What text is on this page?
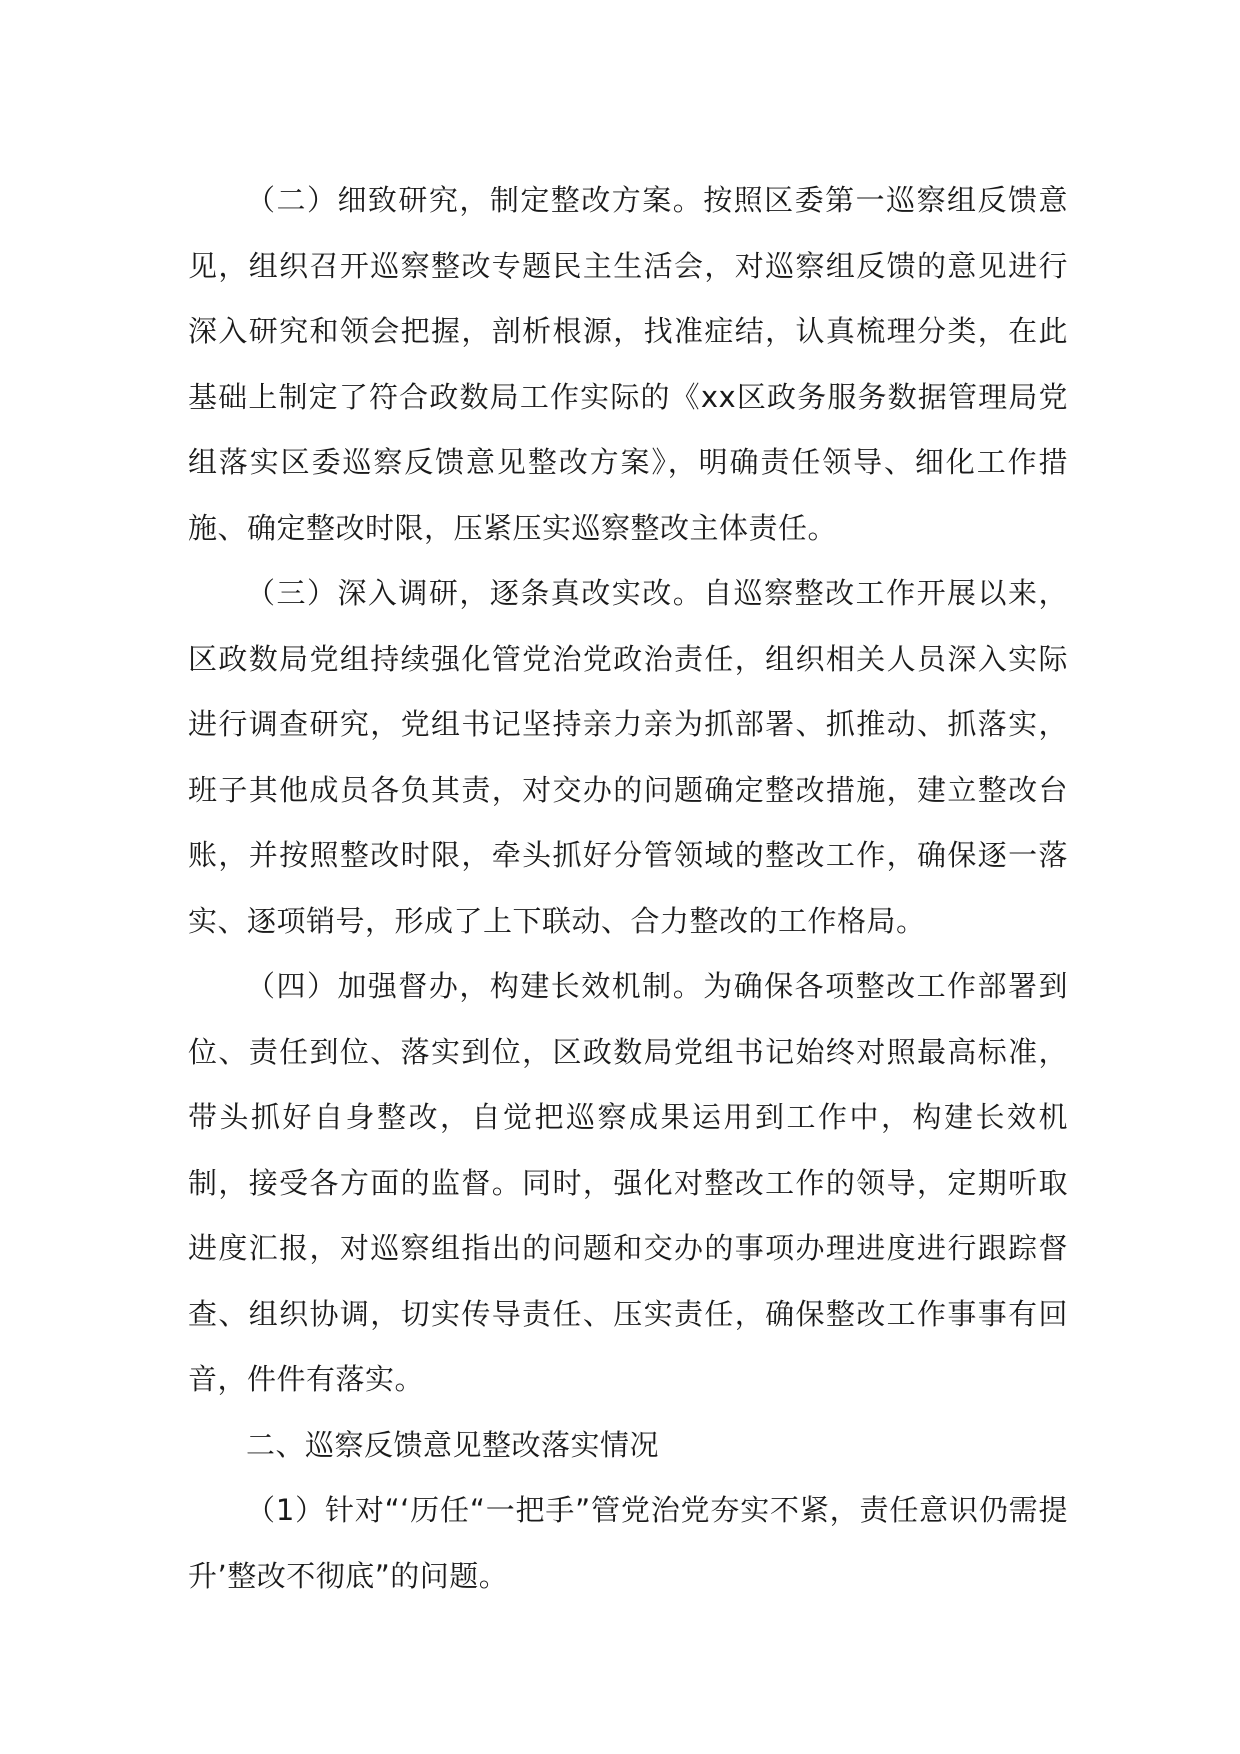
（二）细致研究，制定整改方案。按照区委第一巡察组反馈意见，组织召开巡察整改专题民主生活会，对巡察组反馈的意见进行深入研究和领会把握，剖析根源，找准症结，认真梳理分类，在此基础上制定了符合政数局工作实际的《xx区政务服务数据管理局党组落实区委巡察反馈意见整改方案》，明确责任领导、细化工作措施、确定整改时限，压紧压实巡察整改主体责任。

（三）深入调研，逐条真改实改。自巡察整改工作开展以来，区政数局党组持续强化管党治党政治责任，组织相关人员深入实际进行调查研究，党组书记坚持亲力亲为抓部署、抓推动、抓落实，班子其他成员各负其责，对交办的问题确定整改措施，建立整改台账，并按照整改时限，牵头抓好分管领域的整改工作，确保逐一落实、逐项销号，形成了上下联动、合力整改的工作格局。

（四）加强督办，构建长效机制。为确保各项整改工作部署到位、责任到位、落实到位，区政数局党组书记始终对照最高标准，带头抓好自身整改，自觉把巡察成果运用到工作中，构建长效机制，接受各方面的监督。同时，强化对整改工作的领导，定期听取进度汇报，对巡察组指出的问题和交办的事项办理进度进行跟踪督查、组织协调，切实传导责任、压实责任，确保整改工作事事有回音，件件有落实。

二、巡察反馈意见整改落实情况

（1）针对“‘历任“一把手”管党治党夯实不紧，责任意识仍需提升’整改不彻底”的问题。
